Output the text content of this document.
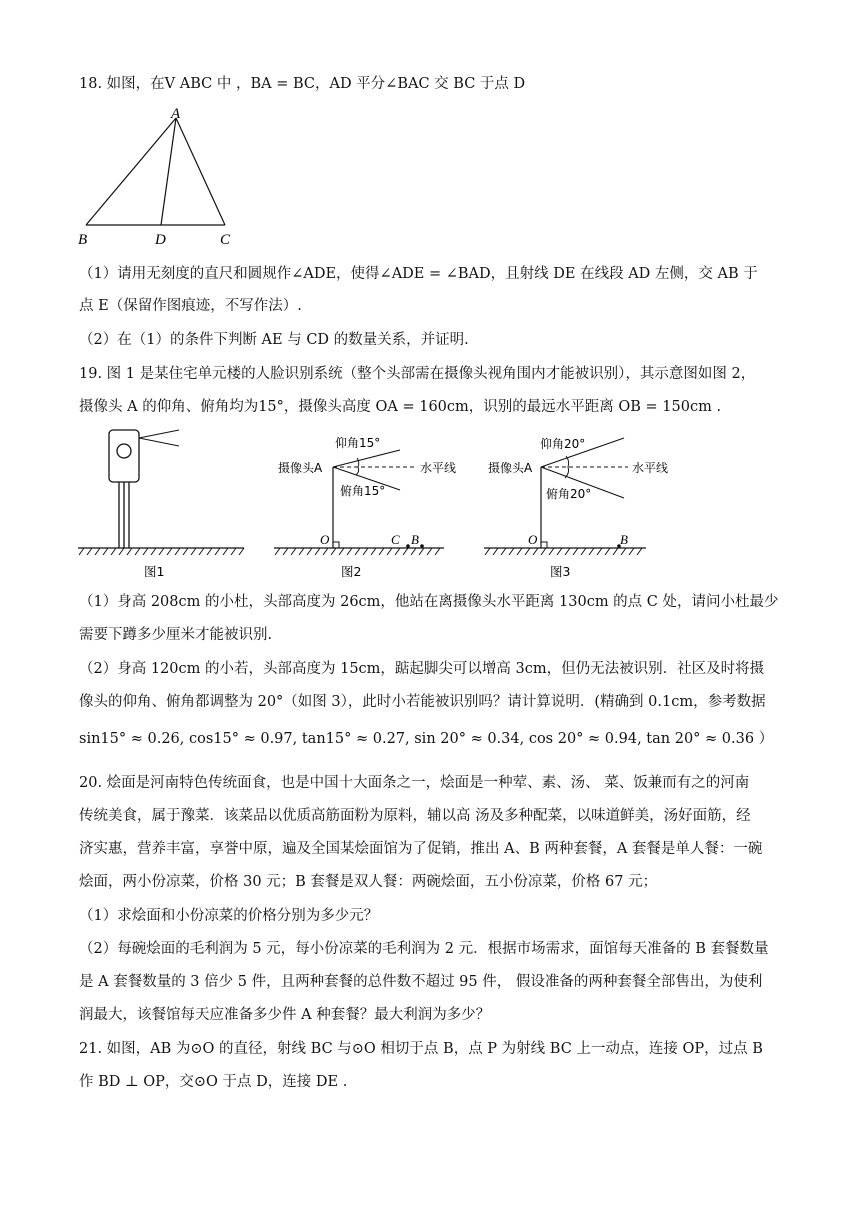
18. 如图，在V ABC 中 ，BA = BC，AD 平分∠BAC 交 BC 于点 D
A
B	D	C
（1）请用无刻度的直尺和圆规作∠ADE，使得∠ADE = ∠BAD，且射线 DE 在线段 AD 左侧，交 AB 于
点 E（保留作图痕迹，不写作法）.
（2）在（1）的条件下判断 AE 与 CD 的数量关系，并证明.
19. 图 1 是某住宅单元楼的人脸识别系统（整个头部需在摄像头视角围内才能被识别），其示意图如图 2，
摄像头 A 的仰角、俯角均为15°，摄像头高度 OA = 160cm，识别的最远水平距离 OB = 150cm .
图1
仰角15°
摄像头A	水平线
俯角15°
O	C B
图2
仰角20°
摄像头A	水平线
俯角20°
O	B
图3
（1）身高 208cm 的小杜，头部高度为 26cm，他站在离摄像头水平距离 130cm 的点 C 处，请问小杜最少
需要下蹲多少厘米才能被识别.
（2）身高 120cm 的小若，头部高度为 15cm，踮起脚尖可以增高 3cm，但仍无法被识别．社区及时将摄
像头的仰角、俯角都调整为 20°（如图 3），此时小若能被识别吗？请计算说明．(精确到 0.1cm，参考数据
sin15° ≈ 0.26, cos15° ≈ 0.97, tan15° ≈ 0.27, sin 20° ≈ 0.34, cos 20° ≈ 0.94, tan 20° ≈ 0.36 ）
20. 烩面是河南特色传统面食，也是中国十大面条之一，烩面是一种荤、素、汤、 菜、饭兼而有之的河南
传统美食，属于豫菜．该菜品以优质高筋面粉为原料，辅以高 汤及多种配菜，以味道鲜美，汤好面筋，经
济实惠，营养丰富，享誉中原，遍及全国某烩面馆为了促销，推出 A、B 两种套餐，A 套餐是单人餐：一碗
烩面，两小份凉菜，价格 30 元；B 套餐是双人餐：两碗烩面，五小份凉菜，价格 67 元；
（1）求烩面和小份凉菜的价格分别为多少元？
（2）每碗烩面的毛利润为 5 元，每小份凉菜的毛利润为 2 元．根据市场需求，面馆每天准备的 B 套餐数量
是 A 套餐数量的 3 倍少 5 件，且两种套餐的总件数不超过 95 件， 假设准备的两种套餐全部售出，为使利
润最大，该餐馆每天应准备多少件 A 种套餐？最大利润为多少？
21. 如图，AB 为⊙O 的直径，射线 BC 与⊙O 相切于点 B，点 P 为射线 BC 上一动点，连接 OP，过点 B
作 BD ⊥ OP，交⊙O 于点 D，连接 DE .
